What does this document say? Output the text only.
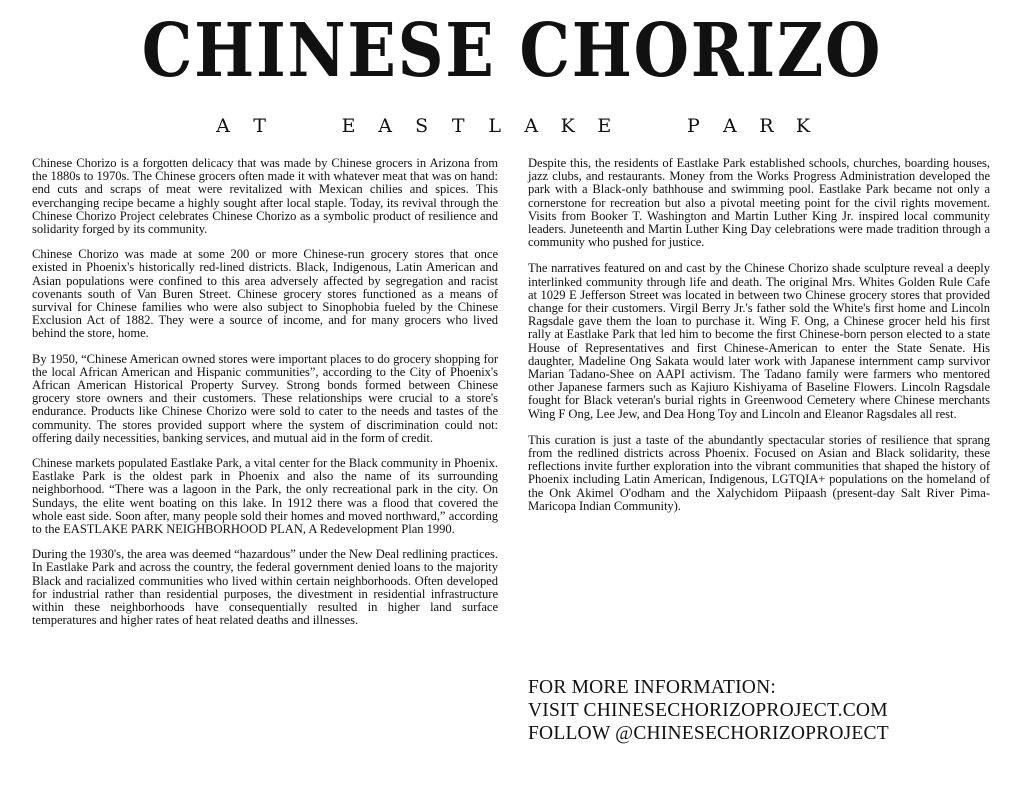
CHINESE CHORIZO
A T	E A S T L A K E	P A R K

Chinese Chorizo is a forgotten delicacy that was made by Chinese grocers in Arizona from the 1880s to 1970s. The Chinese grocers often made it with whatever meat that was on hand: end cuts and scraps of meat were revitalized with Mexican chilies and spices. This everchanging recipe became a highly sought after local staple. Today, its revival through the Chinese Chorizo Project celebrates Chinese Chorizo as a symbolic product of resilience and solidarity forged by its community.

Chinese Chorizo was made at some 200 or more Chinese-run grocery stores that once existed in Phoenix's historically red-lined districts. Black, Indigenous, Latin American and Asian populations were confined to this area adversely affected by segregation and racist covenants south of Van Buren Street. Chinese grocery stores functioned as a means of survival for Chinese families who were also subject to Sinophobia fueled by the Chinese Exclusion Act of 1882. They were a source of income, and for many grocers who lived behind the store, home.

By 1950, “Chinese American owned stores were important places to do grocery shopping for the local African American and Hispanic communities”, according to the City of Phoenix's African American Historical Property Survey. Strong bonds formed between Chinese grocery store owners and their customers. These relationships were crucial to a store's endurance. Products like Chinese Chorizo were sold to cater to the needs and tastes of the community. The stores provided support where the system of discrimination could not: offering daily necessities, banking services, and mutual aid in the form of credit.

Chinese markets populated Eastlake Park, a vital center for the Black community in Phoenix. Eastlake Park is the oldest park in Phoenix and also the name of its surrounding neighborhood. “There was a lagoon in the Park, the only recreational park in the city. On Sundays, the elite went boating on this lake. In 1912 there was a flood that covered the whole east side. Soon after, many people sold their homes and moved northward,” according to the EASTLAKE PARK NEIGHBORHOOD PLAN, A Redevelopment Plan 1990.

During the 1930's, the area was deemed “hazardous” under the New Deal redlining practices. In Eastlake Park and across the country, the federal government denied loans to the majority Black and racialized communities who lived within certain neighborhoods. Often developed for industrial rather than residential purposes, the divestment in residential infrastructure within these neighborhoods have consequentially resulted in higher land surface temperatures and higher rates of heat related deaths and illnesses.

Despite this, the residents of Eastlake Park established schools, churches, boarding houses, jazz clubs, and restaurants. Money from the Works Progress Administration developed the park with a Black-only bathhouse and swimming pool. Eastlake Park became not only a cornerstone for recreation but also a pivotal meeting point for the civil rights movement. Visits from Booker T. Washington and Martin Luther King Jr. inspired local community leaders. Juneteenth and Martin Luther King Day celebrations were made tradition through a community who pushed for justice.

The narratives featured on and cast by the Chinese Chorizo shade sculpture reveal a deeply interlinked community through life and death. The original Mrs. Whites Golden Rule Cafe at 1029 E Jefferson Street was located in between two Chinese grocery stores that provided change for their customers. Virgil Berry Jr.'s father sold the White's first home and Lincoln Ragsdale gave them the loan to purchase it. Wing F. Ong, a Chinese grocer held his first rally at Eastlake Park that led him to become the first Chinese-born person elected to a state House of Representatives and first Chinese-American to enter the State Senate. His daughter, Madeline Ong Sakata would later work with Japanese internment camp survivor Marian Tadano-Shee on AAPI activism. The Tadano family were farmers who mentored other Japanese farmers such as Kajiuro Kishiyama of Baseline Flowers. Lincoln Ragsdale fought for Black veteran's burial rights in Greenwood Cemetery where Chinese merchants Wing F Ong, Lee Jew, and Dea Hong Toy and Lincoln and Eleanor Ragsdales all rest.

This curation is just a taste of the abundantly spectacular stories of resilience that sprang from the redlined districts across Phoenix. Focused on Asian and Black solidarity, these reflections invite further exploration into the vibrant communities that shaped the history of Phoenix including Latin American, Indigenous, LGTQIA+ populations on the homeland of the Onk Akimel O'odham and the Xalychidom Piipaash (present-day Salt River Pima-Maricopa Indian Community).

FOR MORE INFORMATION:
VISIT CHINESECHORIZOPROJECT.COM
FOLLOW @CHINESECHORIZOPROJECT
